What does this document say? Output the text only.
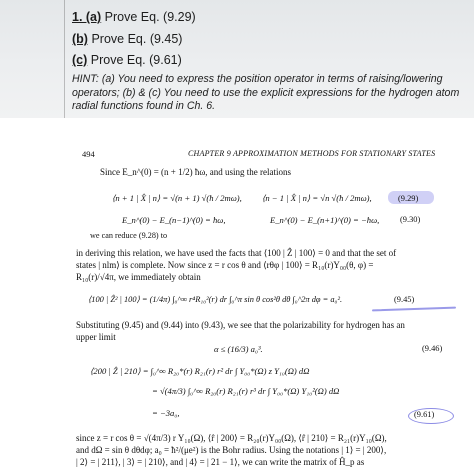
1. (a) Prove Eq. (9.29)
(b) Prove Eq. (9.45)
(c) Prove Eq. (9.61)
HINT: (a) You need to express the position operator in terms of raising/lowering operators; (b) & (c) You need to use the explicit expressions for the hydrogen atom radial functions found in Ch. 6.
494	CHAPTER 9 APPROXIMATION METHODS FOR STATIONARY STATES
Since E_n^(0) = (n + 1/2) ħω, and using the relations
⟨n + 1 | X̂ | n⟩ = √(n + 1) √(ħ / 2mω), ⟨n − 1 | X̂ | n⟩ = √n √(ħ / 2mω),	(9.29)
E_n^(0) − E_(n−1)^(0) = ħω,	E_n^(0) − E_(n+1)^(0) = −ħω, (9.30)
we can reduce (9.28) to
in deriving this relation, we have used the facts that ⟨100 | Ẑ | 100⟩ = 0 and that the set of
states | nlm⟩ is complete. Now since z = r cos θ and ⟨rθφ | 100⟩ = R₁₀(r)Y₀₀(θ, φ) =
R₁₀(r)/√4π, we immediately obtain
⟨100 | Ẑ² | 100⟩ = (1/4π) ∫₀^∞ r⁴R₁₀²(r) dr ∫₀^π sin θ cos²θ dθ ∫₀^2π dφ = a₀².	(9.45)
Substituting (9.45) and (9.44) into (9.43), we see that the polarizability for hydrogen has an
upper limit
α ≤ (16/3) a₀³.	(9.46)
⟨200 | Ẑ | 210⟩ = ∫₀^∞ R₂₀*(r) R₂₁(r) r² dr ∫ Y₀₀*(Ω) z Y₁₀(Ω) dΩ
= √(4π/3) ∫₀^∞ R₂₀(r) R₂₁(r) r³ dr ∫ Y₀₀*(Ω) Y₁₀²(Ω) dΩ
= −3a₀,	(9.61)
since z = r cos θ = √(4π/3) r Y₁₀(Ω), ⟨r̂ | 200⟩ = R₂₀(r)Y₀₀(Ω), ⟨r̂ | 210⟩ = R₂₁(r)Y₁₀(Ω),
and dΩ = sin θ dθdφ; a₀ = ħ²/(μe²) is the Bohr radius. Using the notations | 1⟩ = | 200⟩,
| 2⟩ = | 211⟩, | 3⟩ = | 210⟩, and | 4⟩ = | 21 − 1⟩, we can write the matrix of Ĥ_p as
